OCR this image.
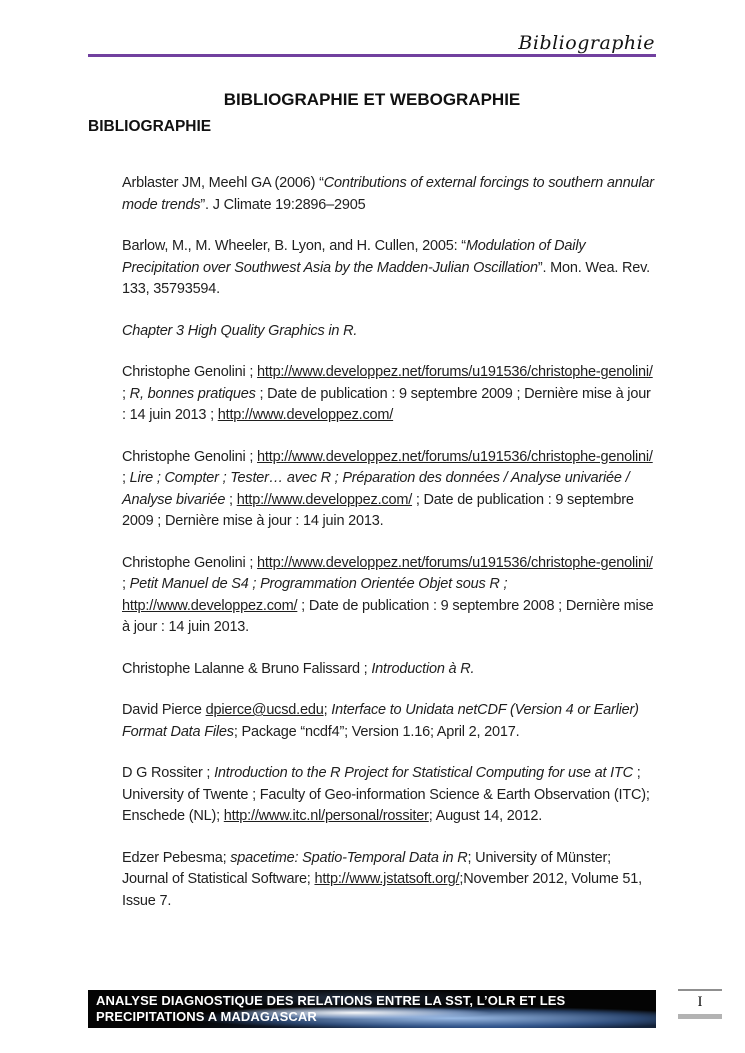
Bibliographie
BIBLIOGRAPHIE ET WEBOGRAPHIE
BIBLIOGRAPHIE

Arblaster JM, Meehl GA (2006) “Contributions of external forcings to southern annular mode trends”. J Climate 19:2896–2905

Barlow, M., M. Wheeler, B. Lyon, and H. Cullen, 2005: “Modulation of Daily Precipitation over Southwest Asia by the Madden-Julian Oscillation”. Mon. Wea. Rev. 133, 35793594.

Chapter 3 High Quality Graphics in R.

Christophe Genolini ; http://www.developpez.net/forums/u191536/christophe-genolini/ ; R, bonnes pratiques ; Date de publication : 9 septembre 2009 ; Dernière mise à jour : 14 juin 2013 ; http://www.developpez.com/

Christophe Genolini ; http://www.developpez.net/forums/u191536/christophe-genolini/ ; Lire ; Compter ; Tester… avec R ; Préparation des données / Analyse univariée / Analyse bivariée ; http://www.developpez.com/ ; Date de publication : 9 septembre 2009 ; Dernière mise à jour : 14 juin 2013.

Christophe Genolini ; http://www.developpez.net/forums/u191536/christophe-genolini/ ; Petit Manuel de S4 ; Programmation Orientée Objet sous R ; http://www.developpez.com/ ; Date de publication : 9 septembre 2008 ; Dernière mise à jour : 14 juin 2013.

Christophe Lalanne & Bruno Falissard ; Introduction à R.

David Pierce dpierce@ucsd.edu; Interface to Unidata netCDF (Version 4 or Earlier) Format Data Files; Package “ncdf4”; Version 1.16; April 2, 2017.

D G Rossiter ; Introduction to the R Project for Statistical Computing for use at ITC ; University of Twente ; Faculty of Geo-information Science & Earth Observation (ITC); Enschede (NL); http://www.itc.nl/personal/rossiter; August 14, 2012.

Edzer Pebesma; spacetime: Spatio-Temporal Data in R; University of Münster; Journal of Statistical Software; http://www.jstatsoft.org/;November 2012, Volume 51, Issue 7.

ANALYSE DIAGNOSTIQUE DES RELATIONS ENTRE LA SST, L’OLR ET LES PRECIPITATIONS A MADAGASCAR
I
